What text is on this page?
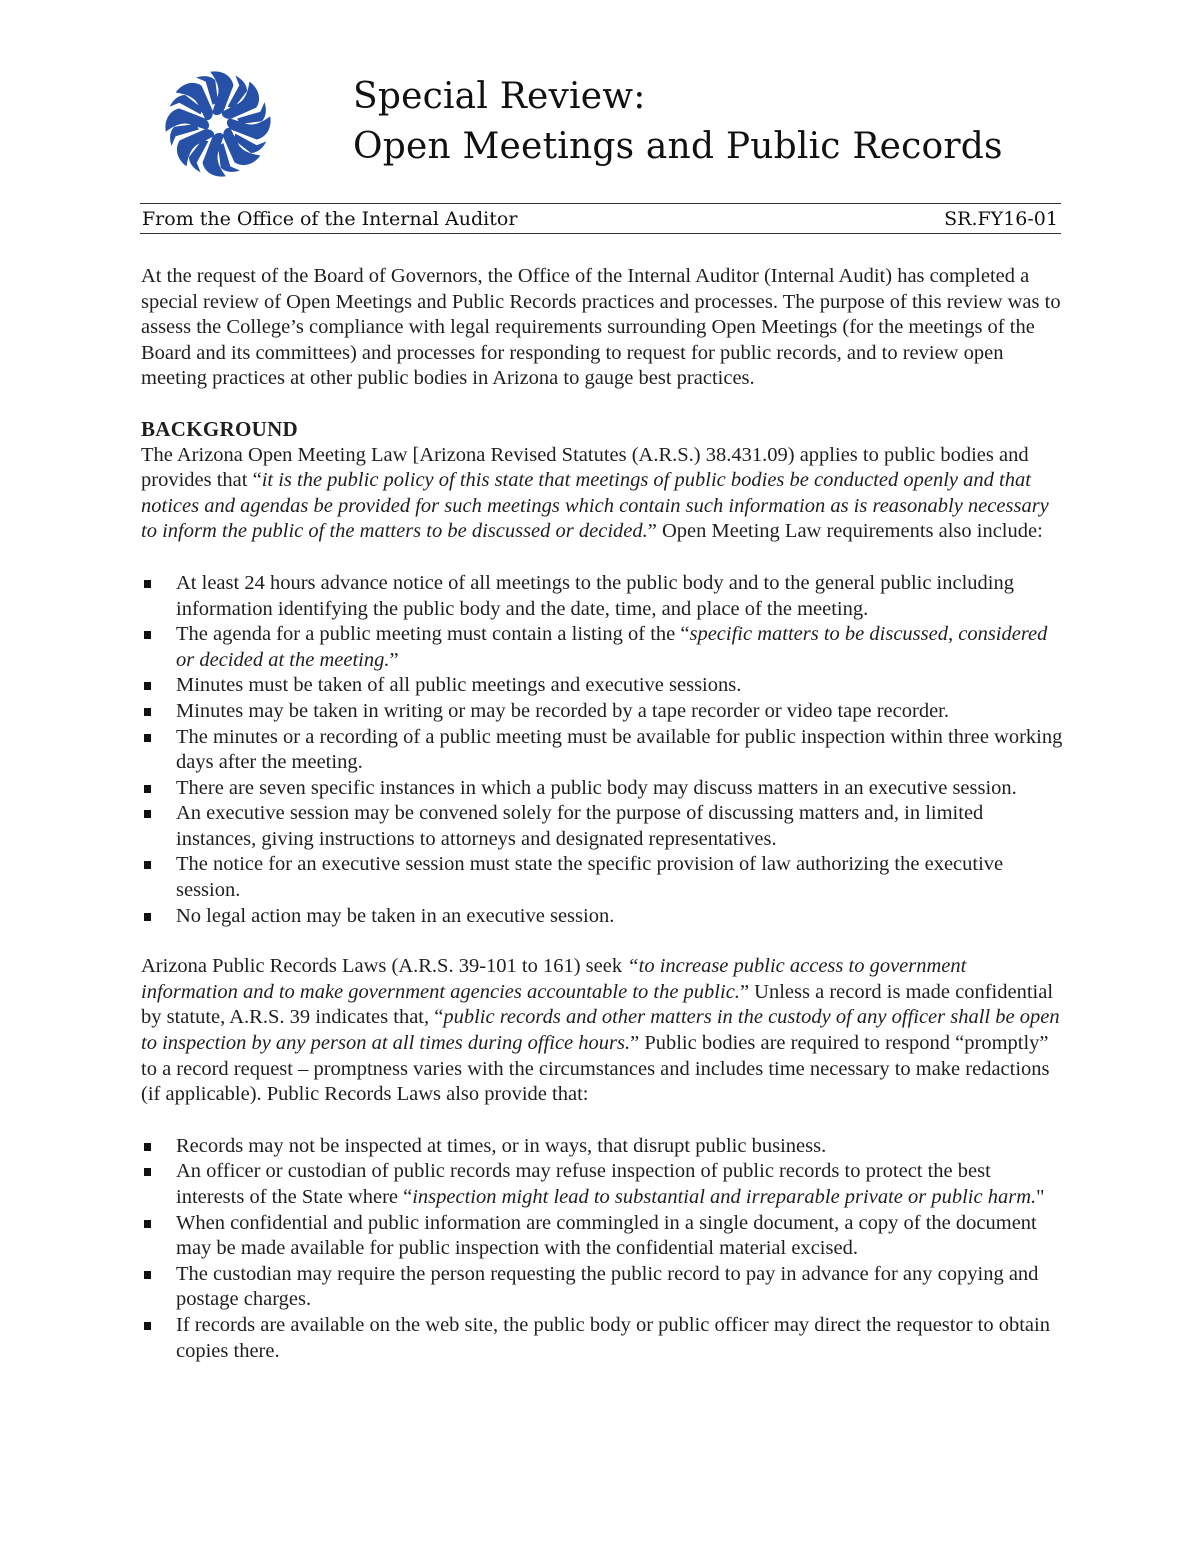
Special Review:
Open Meetings and Public Records
From the Office of the Internal Auditor	SR.FY16-01

At the request of the Board of Governors, the Office of the Internal Auditor (Internal Audit) has completed a special review of Open Meetings and Public Records practices and processes. The purpose of this review was to assess the College’s compliance with legal requirements surrounding Open Meetings (for the meetings of the Board and its committees) and processes for responding to request for public records, and to review open meeting practices at other public bodies in Arizona to gauge best practices.

BACKGROUND

The Arizona Open Meeting Law [Arizona Revised Statutes (A.R.S.) 38.431.09) applies to public bodies and provides that “it is the public policy of this state that meetings of public bodies be conducted openly and that notices and agendas be provided for such meetings which contain such information as is reasonably necessary to inform the public of the matters to be discussed or decided.” Open Meeting Law requirements also include:

At least 24 hours advance notice of all meetings to the public body and to the general public including information identifying the public body and the date, time, and place of the meeting.
The agenda for a public meeting must contain a listing of the “specific matters to be discussed, considered or decided at the meeting.”
Minutes must be taken of all public meetings and executive sessions.
Minutes may be taken in writing or may be recorded by a tape recorder or video tape recorder.
The minutes or a recording of a public meeting must be available for public inspection within three working days after the meeting.
There are seven specific instances in which a public body may discuss matters in an executive session.
An executive session may be convened solely for the purpose of discussing matters and, in limited instances, giving instructions to attorneys and designated representatives.
The notice for an executive session must state the specific provision of law authorizing the executive session.
No legal action may be taken in an executive session.

Arizona Public Records Laws (A.R.S. 39-101 to 161) seek “to increase public access to government information and to make government agencies accountable to the public.” Unless a record is made confidential by statute, A.R.S. 39 indicates that, “public records and other matters in the custody of any officer shall be open to inspection by any person at all times during office hours.” Public bodies are required to respond “promptly” to a record request – promptness varies with the circumstances and includes time necessary to make redactions (if applicable). Public Records Laws also provide that:

Records may not be inspected at times, or in ways, that disrupt public business.
An officer or custodian of public records may refuse inspection of public records to protect the best interests of the State where “inspection might lead to substantial and irreparable private or public harm."
When confidential and public information are commingled in a single document, a copy of the document may be made available for public inspection with the confidential material excised.
The custodian may require the person requesting the public record to pay in advance for any copying and postage charges.
If records are available on the web site, the public body or public officer may direct the requestor to obtain copies there.
